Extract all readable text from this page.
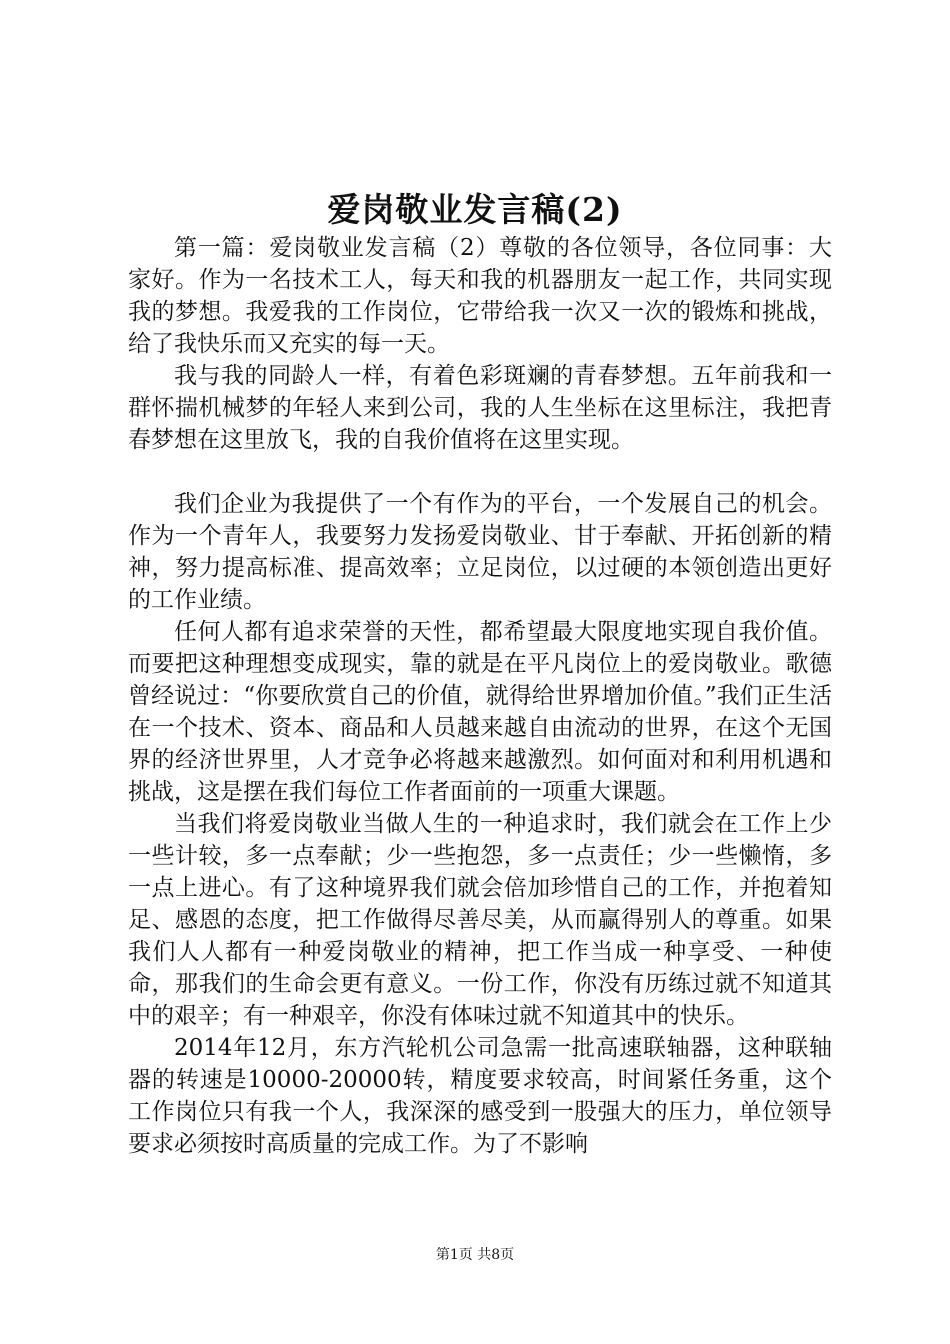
爱岗敬业发言稿(2)

第一篇：爱岗敬业发言稿（2）尊敬的各位领导，各位同事：大家好。作为一名技术工人，每天和我的机器朋友一起工作，共同实现我的梦想。我爱我的工作岗位，它带给我一次又一次的锻炼和挑战，给了我快乐而又充实的每一天。

我与我的同龄人一样，有着色彩斑斓的青春梦想。五年前我和一群怀揣机械梦的年轻人来到公司，我的人生坐标在这里标注，我把青春梦想在这里放飞，我的自我价值将在这里实现。

我们企业为我提供了一个有作为的平台，一个发展自己的机会。作为一个青年人，我要努力发扬爱岗敬业、甘于奉献、开拓创新的精神，努力提高标准、提高效率；立足岗位，以过硬的本领创造出更好的工作业绩。

任何人都有追求荣誉的天性，都希望最大限度地实现自我价值。而要把这种理想变成现实，靠的就是在平凡岗位上的爱岗敬业。歌德曾经说过：“你要欣赏自己的价值，就得给世界增加价值。”我们正生活在一个技术、资本、商品和人员越来越自由流动的世界，在这个无国界的经济世界里，人才竞争必将越来越激烈。如何面对和利用机遇和挑战，这是摆在我们每位工作者面前的一项重大课题。

当我们将爱岗敬业当做人生的一种追求时，我们就会在工作上少一些计较，多一点奉献；少一些抱怨，多一点责任；少一些懒惰，多一点上进心。有了这种境界我们就会倍加珍惜自己的工作，并抱着知足、感恩的态度，把工作做得尽善尽美，从而赢得别人的尊重。如果我们人人都有一种爱岗敬业的精神，把工作当成一种享受、一种使命，那我们的生命会更有意义。一份工作，你没有历练过就不知道其中的艰辛；有一种艰辛，你没有体味过就不知道其中的快乐。

2014年12月，东方汽轮机公司急需一批高速联轴器，这种联轴器的转速是10000-20000转，精度要求较高，时间紧任务重，这个工作岗位只有我一个人，我深深的感受到一股强大的压力，单位领导要求必须按时高质量的完成工作。为了不影响

第1页 共8页
